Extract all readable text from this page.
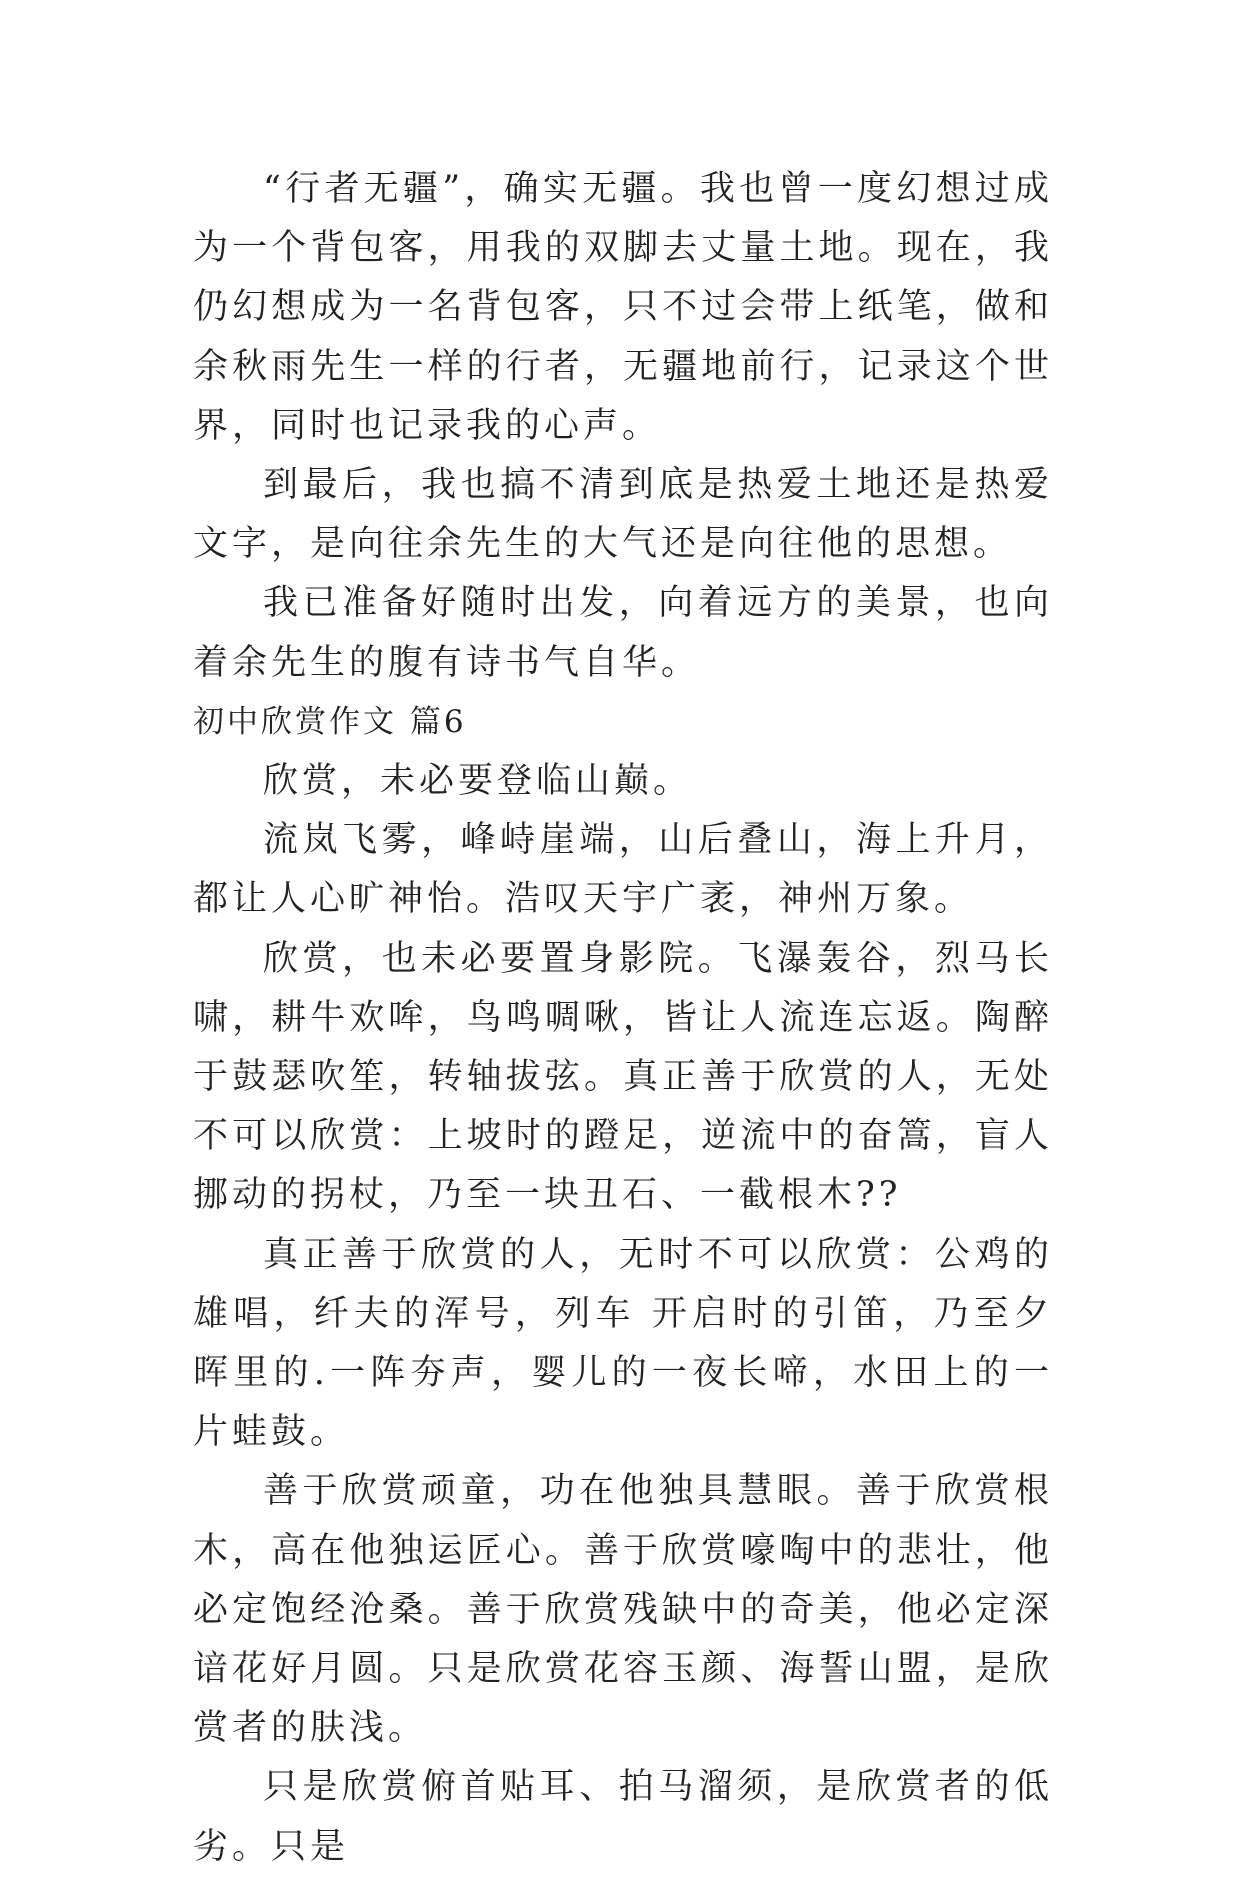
“行者无疆”，确实无疆。我也曾一度幻想过成为一个背包客，用我的双脚去丈量土地。现在，我仍幻想成为一名背包客，只不过会带上纸笔，做和余秋雨先生一样的行者，无疆地前行，记录这个世界，同时也记录我的心声。

到最后，我也搞不清到底是热爱土地还是热爱文字，是向往余先生的大气还是向往他的思想。

我已准备好随时出发，向着远方的美景，也向着余先生的腹有诗书气自华。

初中欣赏作文 篇6

欣赏，未必要登临山巅。

流岚飞雾，峰峙崖端，山后叠山，海上升月，都让人心旷神怡。浩叹天宇广袤，神州万象。

欣赏，也未必要置身影院。飞瀑轰谷，烈马长啸，耕牛欢哞，鸟鸣啁啾，皆让人流连忘返。陶醉于鼓瑟吹笙，转轴拔弦。真正善于欣赏的人，无处不可以欣赏：上坡时的蹬足，逆流中的奋篙，盲人挪动的拐杖，乃至一块丑石、一截根木??

真正善于欣赏的人，无时不可以欣赏：公鸡的雄唱，纤夫的浑号，列车 开启时的引笛，乃至夕晖里的.一阵夯声，婴儿的一夜长啼，水田上的一片蛙鼓。

善于欣赏顽童，功在他独具慧眼。善于欣赏根木，高在他独运匠心。善于欣赏嚎啕中的悲壮，他必定饱经沧桑。善于欣赏残缺中的奇美，他必定深谙花好月圆。只是欣赏花容玉颜、海誓山盟，是欣赏者的肤浅。

只是欣赏俯首贴耳、拍马溜须，是欣赏者的低劣。只是
